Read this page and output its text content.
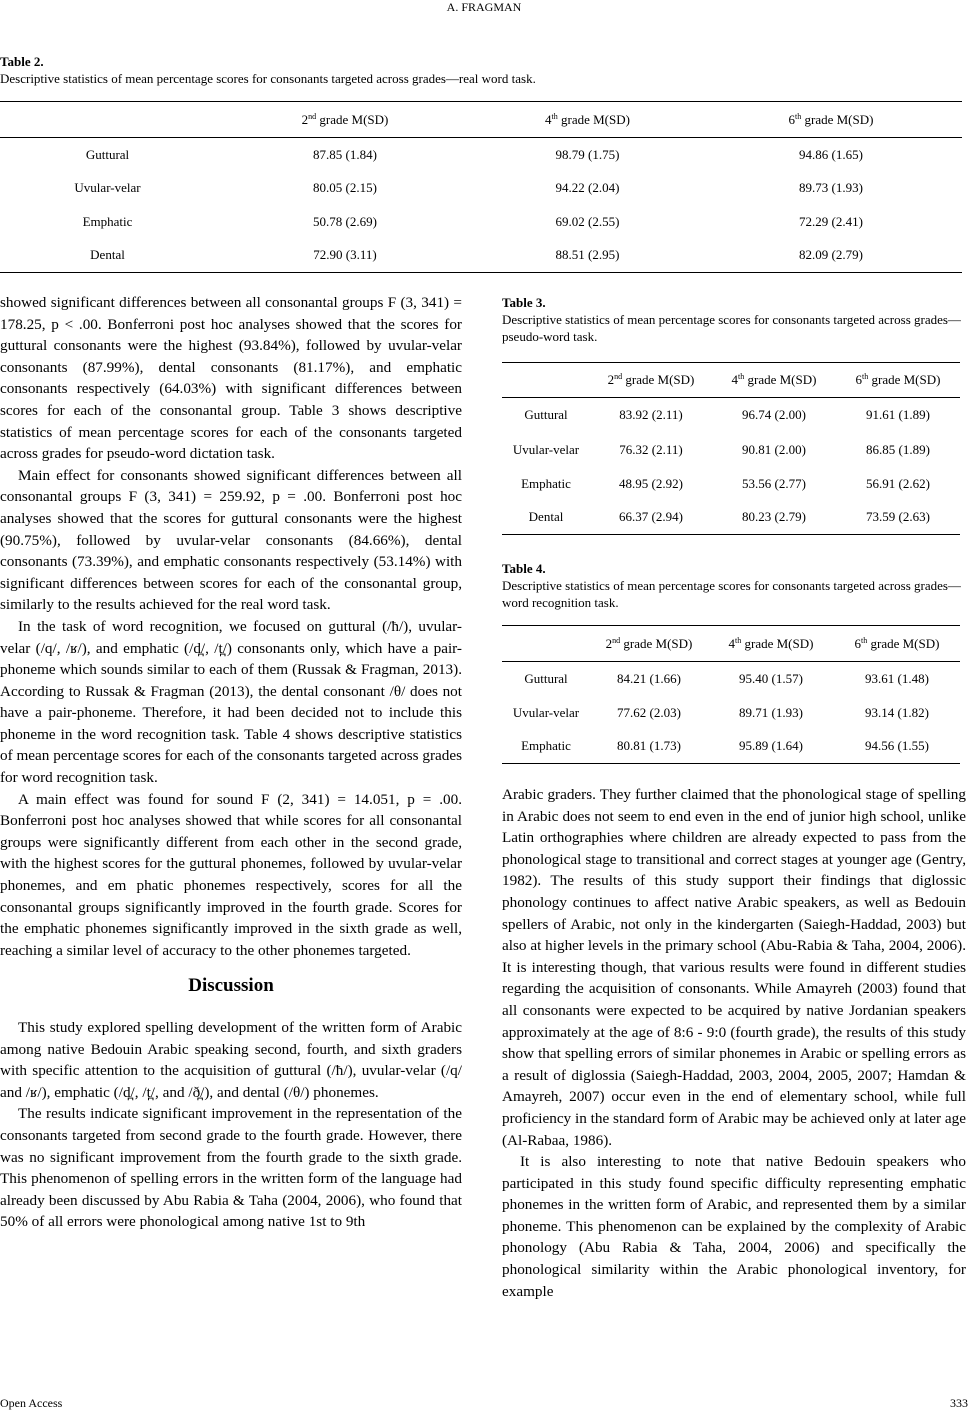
A. FRAGMAN
Table 2.
Descriptive statistics of mean percentage scores for consonants targeted across grades—real word task.
	2nd grade M(SD)	4th grade M(SD)	6th grade M(SD)
Guttural	87.85 (1.84)	98.79 (1.75)	94.86 (1.65)
Uvular-velar	80.05 (2.15)	94.22 (2.04)	89.73 (1.93)
Emphatic	50.78 (2.69)	69.02 (2.55)	72.29 (2.41)
Dental	72.90 (3.11)	88.51 (2.95)	82.09 (2.79)

showed significant differences between all consonantal groups F (3, 341) = 178.25, p < .00. Bonferroni post hoc analyses showed that the scores for guttural consonants were the highest (93.84%), followed by uvular-velar consonants (87.99%), dental consonants (81.17%), and emphatic consonants respectively (64.03%) with significant differences between scores for each of the consonantal group. Table 3 shows descriptive statistics of mean percentage scores for each of the consonants targeted across grades for pseudo-word dictation task.

Main effect for consonants showed significant differences between all consonantal groups F (3, 341) = 259.92, p = .00. Bonferroni post hoc analyses showed that the scores for guttural consonants were the highest (90.75%), followed by uvular-velar consonants (84.66%), dental consonants (73.39%), and emphatic consonants respectively (53.14%) with significant differences between scores for each of the consonantal group, similarly to the results achieved for the real word task.

In the task of word recognition, we focused on guttural (/ħ/), uvular-velar (/q/, /ʁ/), and emphatic (/d̪/, /t̪/) consonants only, which have a pair-phoneme which sounds similar to each of them (Russak & Fragman, 2013). According to Russak & Fragman (2013), the dental consonant /θ/ does not have a pair-phoneme. Therefore, it had been decided not to include this phoneme in the word recognition task. Table 4 shows descriptive statistics of mean percentage scores for each of the consonants targeted across grades for word recognition task.

A main effect was found for sound F (2, 341) = 14.051, p = .00. Bonferroni post hoc analyses showed that while scores for all consonantal groups were significantly different from each other in the second grade, with the highest scores for the guttural phonemes, followed by uvular-velar phonemes, and em phatic phonemes respectively, scores for all the consonantal groups significantly improved in the fourth grade. Scores for the emphatic phonemes significantly improved in the sixth grade as well, reaching a similar level of accuracy to the other phonemes targeted.

Discussion

This study explored spelling development of the written form of Arabic among native Bedouin Arabic speaking second, fourth, and sixth graders with specific attention to the acquisition of guttural (/ħ/), uvular-velar (/q/ and /ʁ/), emphatic (/d̪/, /t̪/, and /ð̪/), and dental (/θ/) phonemes.

The results indicate significant improvement in the representation of the consonants targeted from second grade to the fourth grade. However, there was no significant improvement from the fourth grade to the sixth grade. This phenomenon of spelling errors in the written form of the language had already been discussed by Abu Rabia & Taha (2004, 2006), who found that 50% of all errors were phonological among native 1st to 9th

Table 3.
Descriptive statistics of mean percentage scores for consonants targeted across grades—pseudo-word task.
	2nd grade M(SD)	4th grade M(SD)	6th grade M(SD)
Guttural	83.92 (2.11)	96.74 (2.00)	91.61 (1.89)
Uvular-velar	76.32 (2.11)	90.81 (2.00)	86.85 (1.89)
Emphatic	48.95 (2.92)	53.56 (2.77)	56.91 (2.62)
Dental	66.37 (2.94)	80.23 (2.79)	73.59 (2.63)
Table 4.
Descriptive statistics of mean percentage scores for consonants targeted across grades—word recognition task.
	2nd grade M(SD)	4th grade M(SD)	6th grade M(SD)
Guttural	84.21 (1.66)	95.40 (1.57)	93.61 (1.48)
Uvular-velar	77.62 (2.03)	89.71 (1.93)	93.14 (1.82)
Emphatic	80.81 (1.73)	95.89 (1.64)	94.56 (1.55)

Arabic graders. They further claimed that the phonological stage of spelling in Arabic does not seem to end even in the end of junior high school, unlike Latin orthographies where children are already expected to pass from the phonological stage to transitional and correct stages at younger age (Gentry, 1982). The results of this study support their findings that diglossic phonology continues to affect native Arabic speakers, as well as Bedouin spellers of Arabic, not only in the kindergarten (Saiegh-Haddad, 2003) but also at higher levels in the primary school (Abu-Rabia & Taha, 2004, 2006). It is interesting though, that various results were found in different studies regarding the acquisition of consonants. While Amayreh (2003) found that all consonants were expected to be acquired by native Jordanian speakers approximately at the age of 8:6 - 9:0 (fourth grade), the results of this study show that spelling errors of similar phonemes in Arabic or spelling errors as a result of diglossia (Saiegh-Haddad, 2003, 2004, 2005, 2007; Hamdan & Amayreh, 2007) occur even in the end of elementary school, while full proficiency in the standard form of Arabic may be achieved only at later age (Al-Rabaa, 1986).

It is also interesting to note that native Bedouin speakers who participated in this study found specific difficulty representing emphatic phonemes in the written form of Arabic, and represented them by a similar phoneme. This phenomenon can be explained by the complexity of Arabic phonology (Abu Rabia & Taha, 2004, 2006) and specifically the phonological similarity within the Arabic phonological inventory, for example

Open Access	333
